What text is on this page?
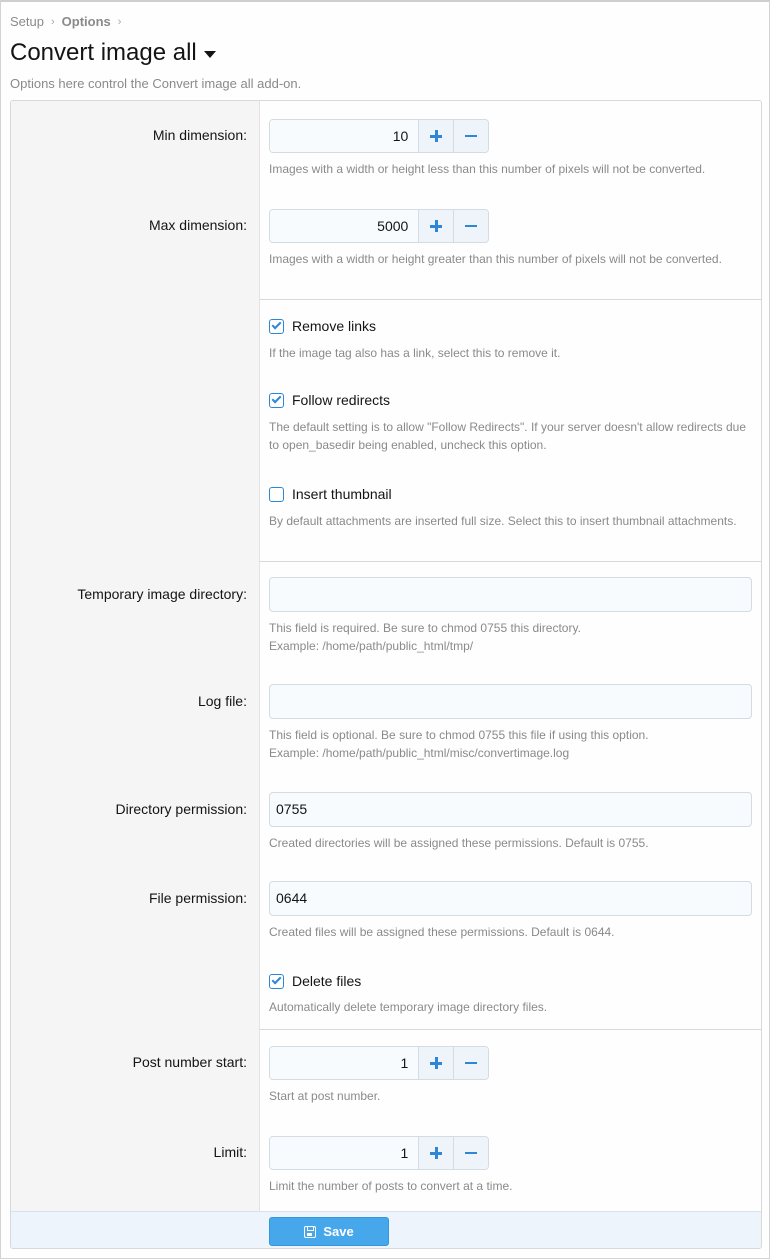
Setup › Options ›
Convert image all
Options here control the Convert image all add-on.
Min dimension:	10
Images with a width or height less than this number of pixels will not be converted.
Max dimension:	5000
Images with a width or height greater than this number of pixels will not be converted.
Remove links
If the image tag also has a link, select this to remove it.
Follow redirects
The default setting is to allow "Follow Redirects". If your server doesn't allow redirects due to open_basedir being enabled, uncheck this option.
Insert thumbnail
By default attachments are inserted full size. Select this to insert thumbnail attachments.
Temporary image directory:
This field is required. Be sure to chmod 0755 this directory.
Example: /home/path/public_html/tmp/
Log file:
This field is optional. Be sure to chmod 0755 this file if using this option.
Example: /home/path/public_html/misc/convertimage.log
Directory permission:	0755
Created directories will be assigned these permissions. Default is 0755.
File permission:	0644
Created files will be assigned these permissions. Default is 0644.
Delete files
Automatically delete temporary image directory files.
Post number start:	1
Start at post number.
Limit:	1
Limit the number of posts to convert at a time.
Save
